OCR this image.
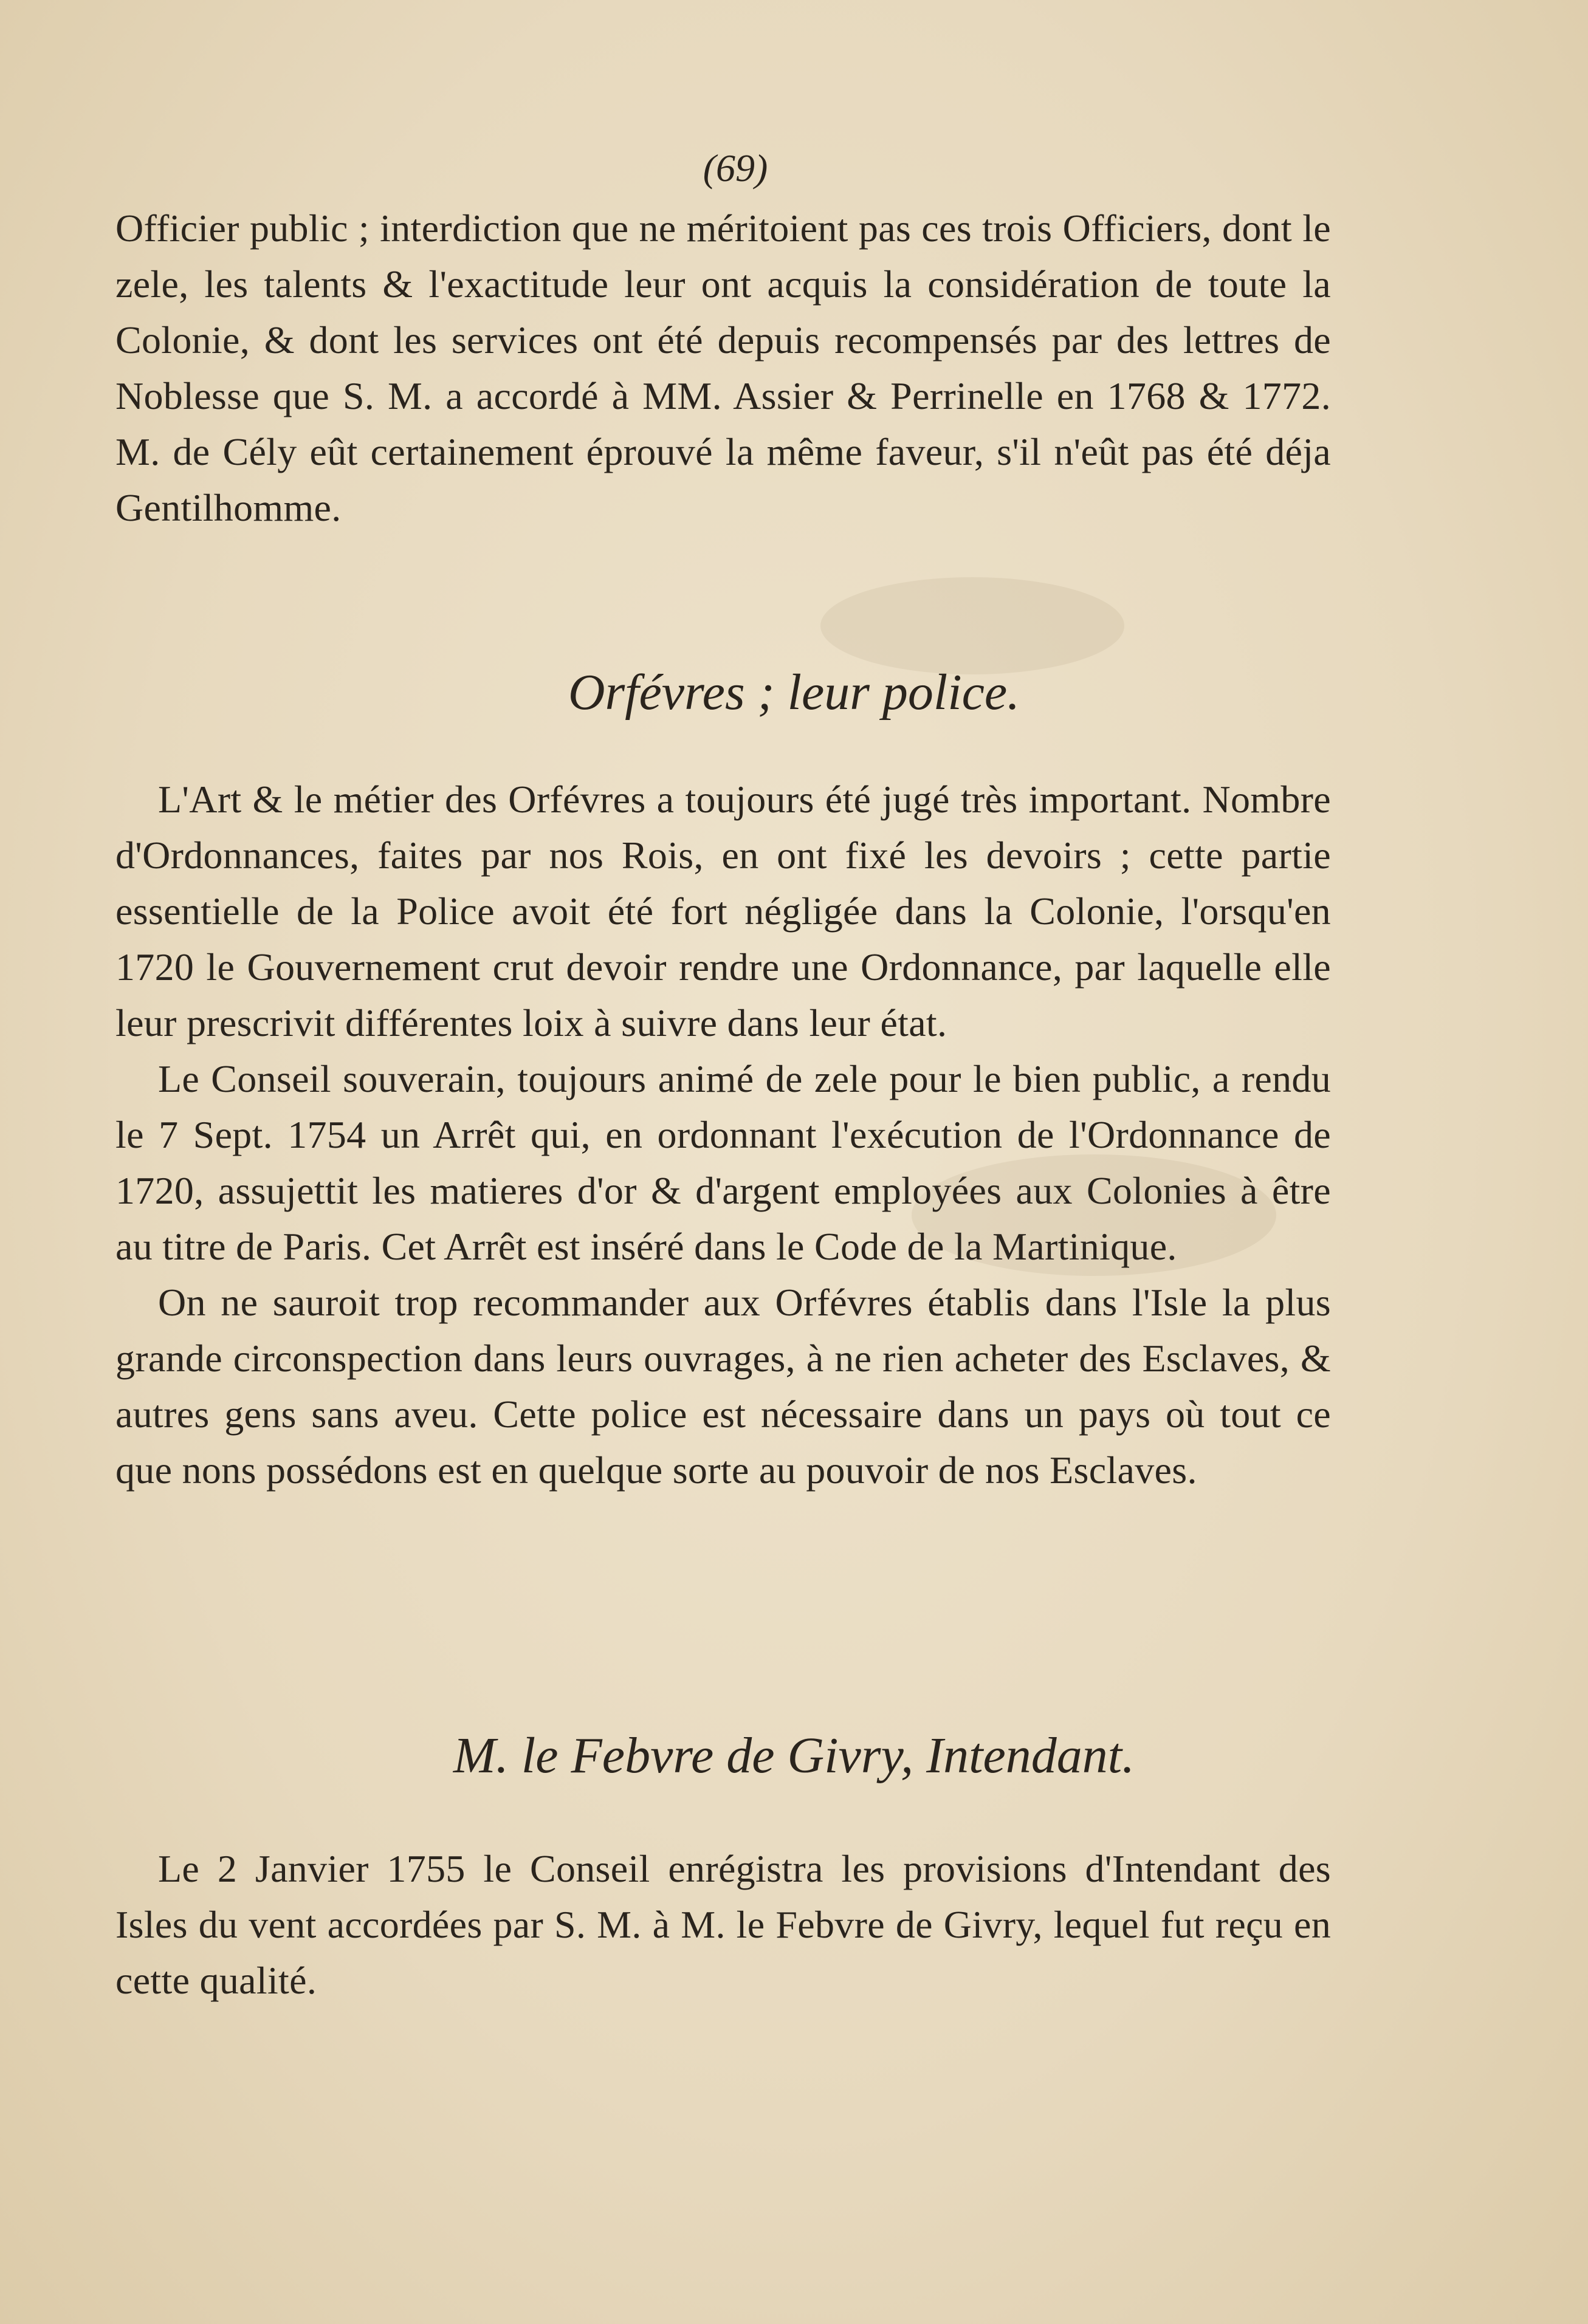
(69)

Officier public ; interdiction que ne méritoient pas ces trois Officiers, dont le zele, les talents & l'exactitude leur ont acquis la considération de toute la Colonie, & dont les services ont été depuis recompensés par des lettres de Noblesse que S. M. a accordé à MM. Assier & Perrinelle en 1768 & 1772. M. de Cély eût certainement éprouvé la même faveur, s'il n'eût pas été déja Gentilhomme.

Orfévres ; leur police.

L'Art & le métier des Orfévres a toujours été jugé très important. Nombre d'Ordonnances, faites par nos Rois, en ont fixé les devoirs ; cette partie essentielle de la Police avoit été fort négligée dans la Colonie, l'orsqu'en 1720 le Gouvernement crut devoir rendre une Ordonnance, par laquelle elle leur prescrivit différentes loix à suivre dans leur état.

Le Conseil souverain, toujours animé de zele pour le bien public, a rendu le 7 Sept. 1754 un Arrêt qui, en ordonnant l'exécution de l'Ordonnance de 1720, assujettit les matieres d'or & d'argent employées aux Colonies à être au titre de Paris. Cet Arrêt est inséré dans le Code de la Martinique.

On ne sauroit trop recommander aux Orfévres établis dans l'Isle la plus grande circonspection dans leurs ouvrages, à ne rien acheter des Esclaves, & autres gens sans aveu. Cette police est nécessaire dans un pays où tout ce que nons possédons est en quelque sorte au pouvoir de nos Esclaves.

M. le Febvre de Givry, Intendant.

Le 2 Janvier 1755 le Conseil enrégistra les provisions d'Intendant des Isles du vent accordées par S. M. à M. le Febvre de Givry, lequel fut reçu en cette qualité.
